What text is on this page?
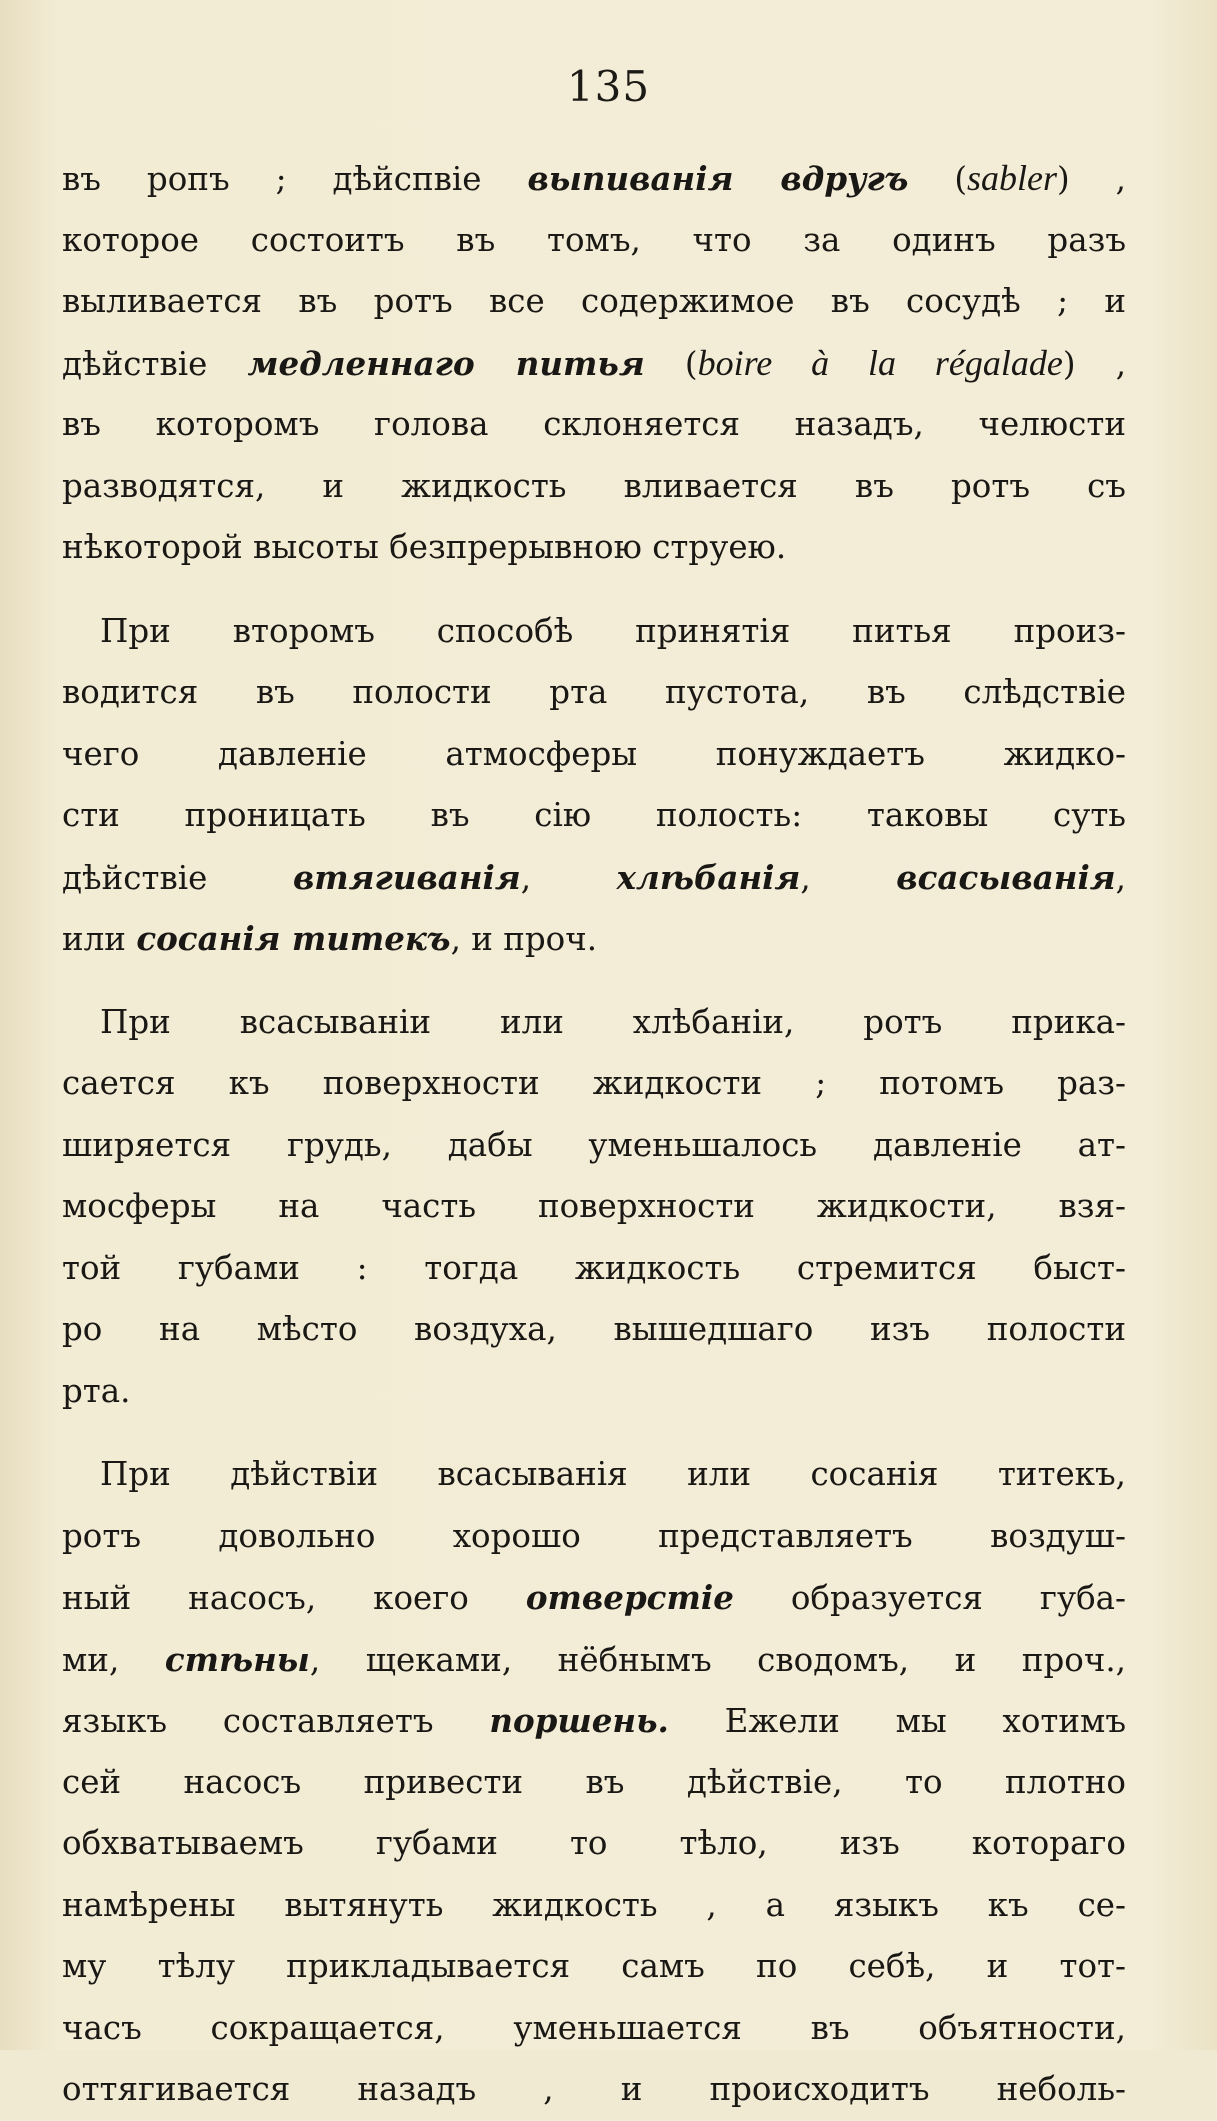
135
въ ропъ ; дѣйспвіе выпиванія вдругъ (sabler) ,
которое состоитъ въ томъ, что за одинъ разъ
выливается въ ротъ все содержимое въ сосудѣ ; и
дѣйствіе медленнаго питья (boire à la régalade) ,
въ которомъ голова склоняется назадъ, челюсти
разводятся, и жидкость вливается въ ротъ съ
нѣкоторой высоты безпрерывною струею.
При второмъ способѣ принятія питья произ-
водится въ полости рта пустота, въ слѣдствіе
чего давленіе атмосферы понуждаетъ жидко-
сти проницать въ сію полость: таковы суть
дѣйствіе втягиванія, хлѣбанія, всасыванія,
или сосанія титекъ, и проч.
При всасываніи или хлѣбаніи, ротъ прика-
сается къ поверхности жидкости ; потомъ раз-
ширяется грудь, дабы уменьшалось давленіе ат-
мосферы на часть поверхности жидкости, взя-
той губами : тогда жидкость стремится быст-
ро на мѣсто воздуха, вышедшаго изъ полости
рта.
При дѣйствіи всасыванія или сосанія титекъ,
ротъ довольно хорошо представляетъ воздуш-
ный насосъ, коего отверстіе образуется губа-
ми, стѣны, щеками, нёбнымъ сводомъ, и проч.,
языкъ составляетъ поршень. Ежели мы хотимъ
сей насосъ привести въ дѣйствіе, то плотно
обхватываемъ губами то тѣло, изъ котораго
намѣрены вытянуть жидкость , а языкъ къ се-
му тѣлу прикладывается самъ по себѣ, и тот-
часъ сокращается, уменьшается въ объятности,
оттягивается назадъ , и происходитъ неболь-
